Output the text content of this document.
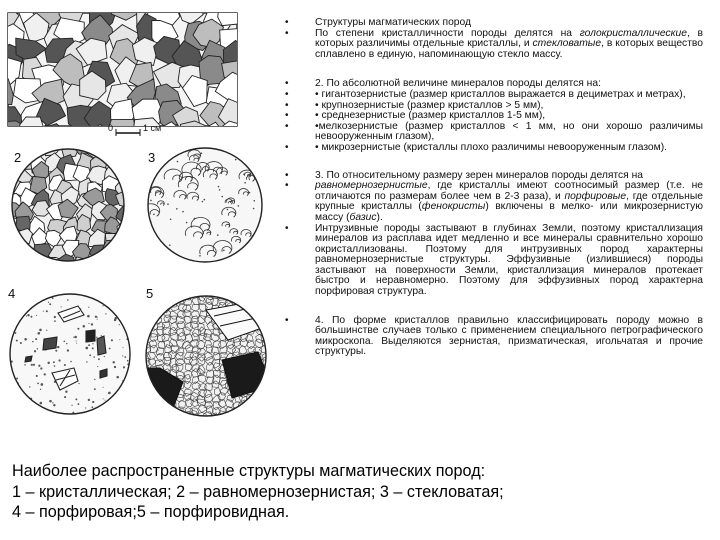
0	1 см
2	3
4	5
• Структуры магматических пород
• По степени кристалличности породы делятся на голокристаллические, в которых различимы отдельные кристаллы, и стекловатые, в которых вещество сплавлено в единую, напоминающую стекло массу.
• 2. По абсолютной величине минералов породы делятся на:
• • гигантозернистые (размер кристаллов выражается в дециметрах и метрах),
• • крупнозернистые (размер кристаллов > 5 мм),
• • среднезернистые (размер кристаллов 1-5 мм),
• •мелкозернистые (размер кристаллов < 1 мм, но они хорошо различимы невооруженным глазом),
• • микрозернистые (кристаллы плохо различимы невооруженным глазом).
• 3. По относительному размеру зерен минералов породы делятся на
• равномернозернистые, где кристаллы имеют соотносимый размер (т.е. не отличаются по размерам более чем в 2-3 раза), и порфировые, где отдельные крупные кристаллы (фенокристы) включены в мелко- или микрозернистую массу (базис).
• Интрузивные породы застывают в глубинах Земли, поэтому кристаллизация минералов из расплава идет медленно и все минералы сравнительно хорошо окристаллизованы. Поэтому для интрузивных пород характерны равномернозернистые структуры. Эффузивные (излившиеся) породы застывают на поверхности Земли, кристаллизация минералов протекает быстро и неравномерно. Поэтому для эффузивных пород характерна порфировая структура.
• 4. По форме кристаллов правильно классифицировать породу можно в большинстве случаев только с применением специального петрографического микроскопа. Выделяются зернистая, призматическая, игольчатая и прочие структуры.
Наиболее распространенные структуры магматических пород:
1 – кристаллическая; 2 – равномернозернистая; 3 – стекловатая;
4 – порфировая;5 – порфировидная.
